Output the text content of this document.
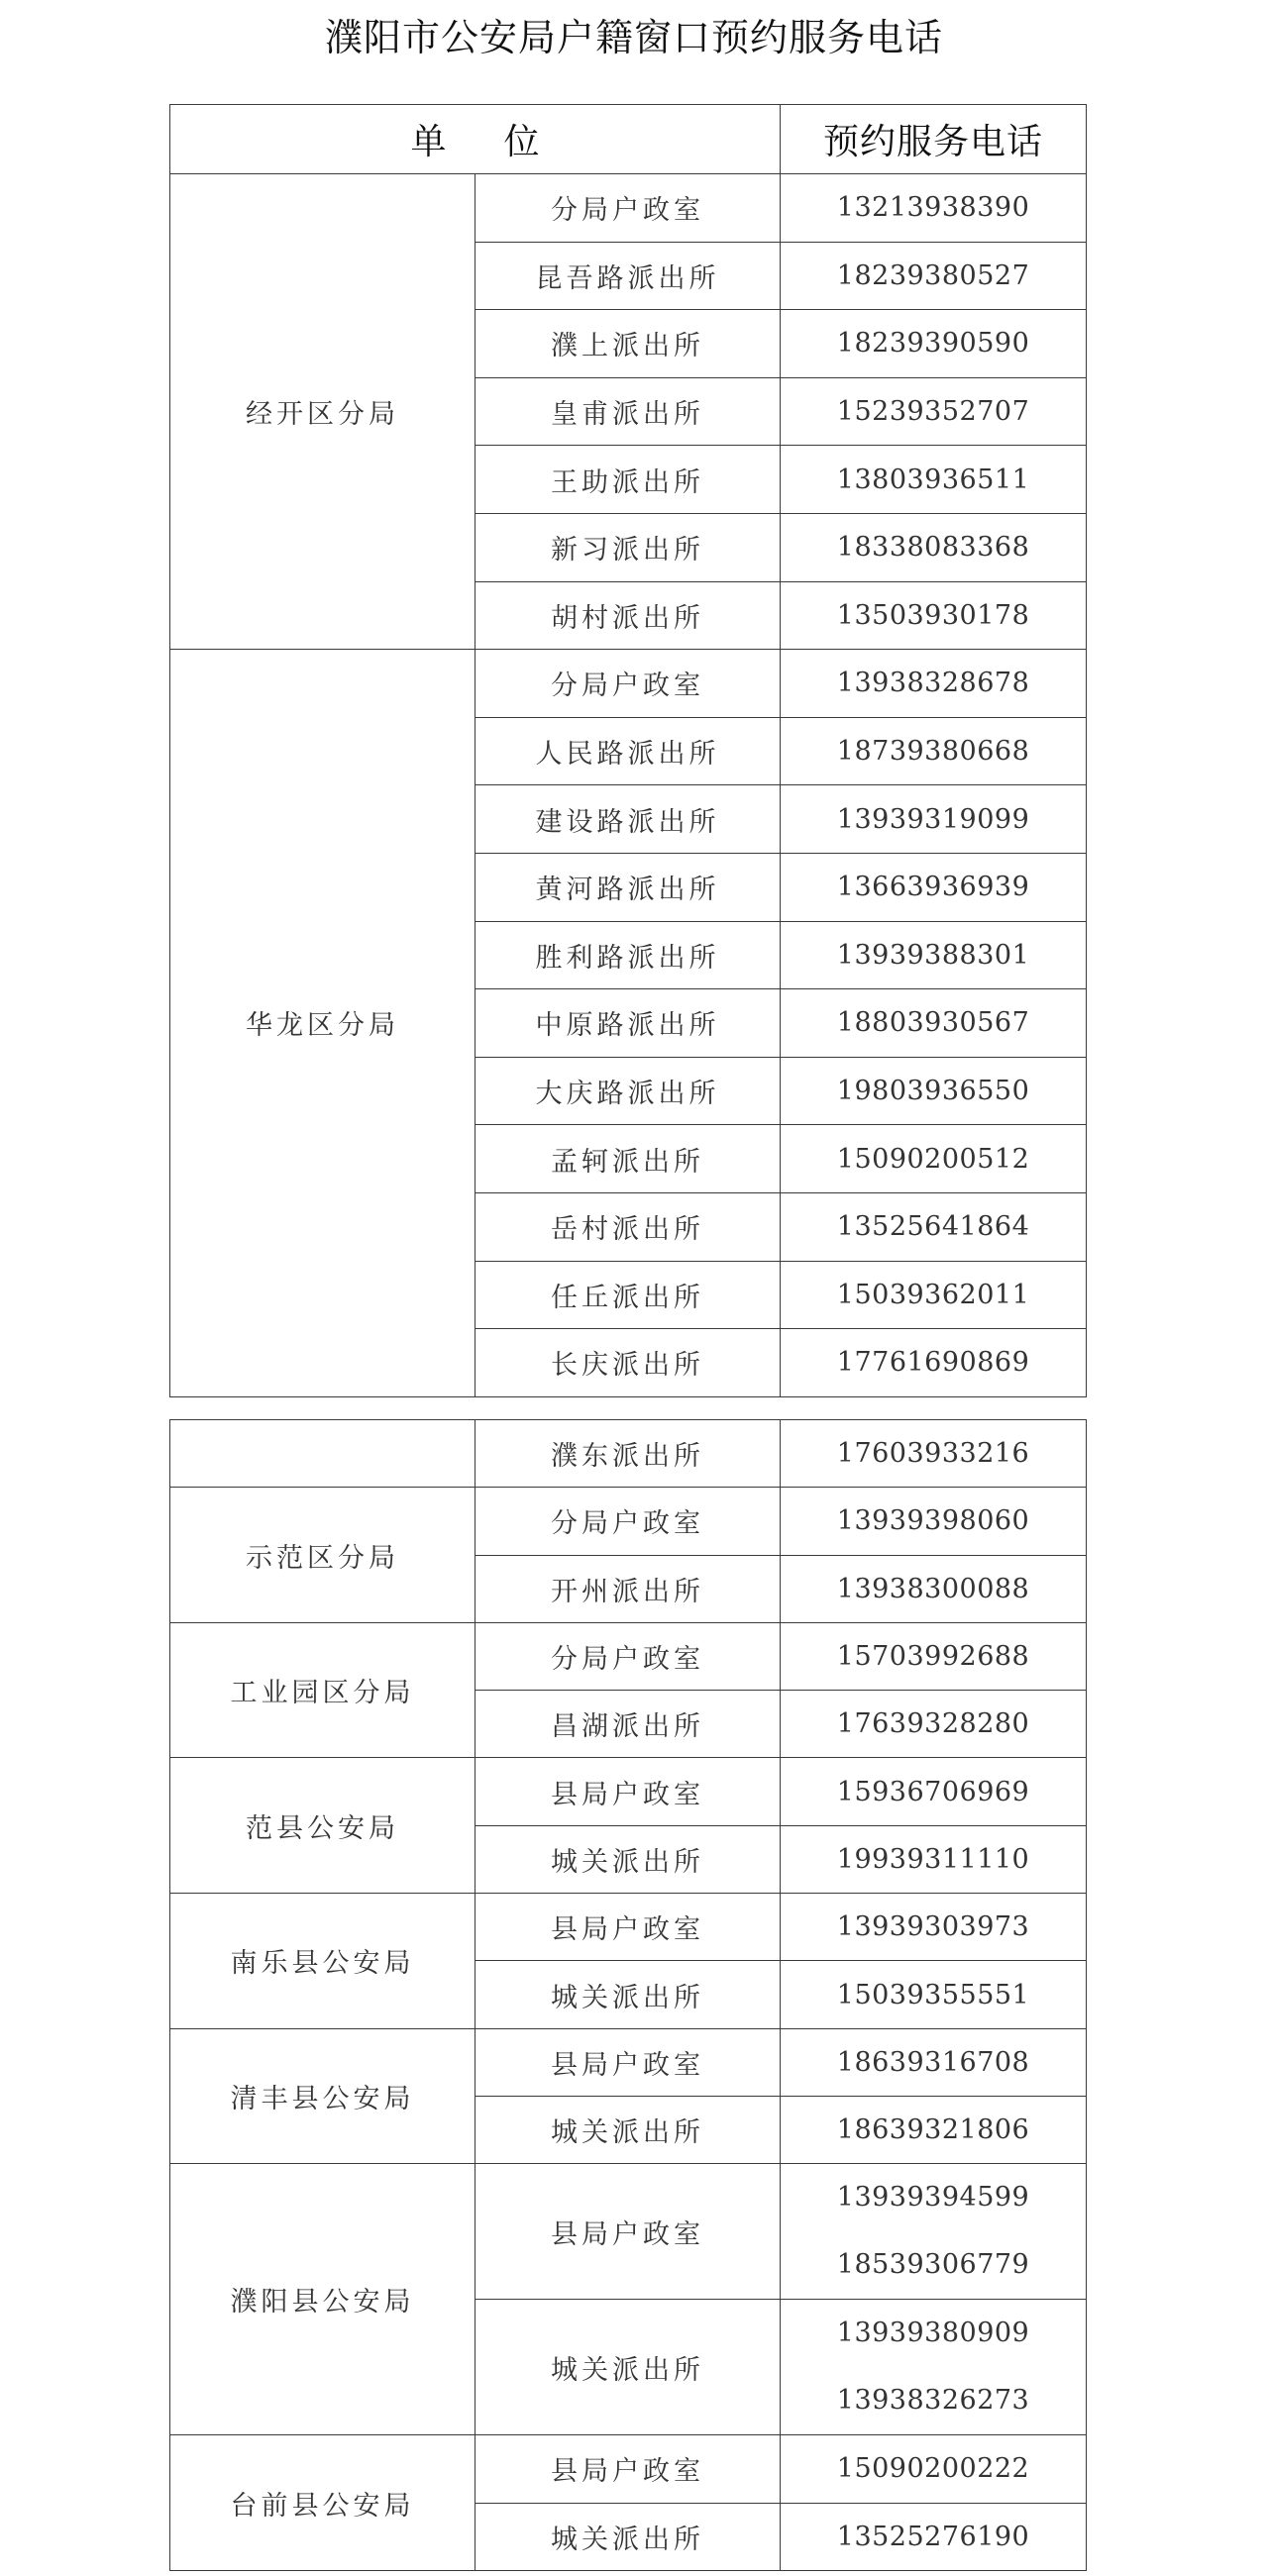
濮阳市公安局户籍窗口预约服务电话
单位		预约服务电话
经开区分局	分局户政室	13213938390
	昆吾路派出所	18239380527
	濮上派出所	18239390590
	皇甫派出所	15239352707
	王助派出所	13803936511
	新习派出所	18338083368
	胡村派出所	13503930178
华龙区分局	分局户政室	13938328678
	人民路派出所	18739380668
	建设路派出所	13939319099
	黄河路派出所	13663936939
	胜利路派出所	13939388301
	中原路派出所	18803930567
	大庆路派出所	19803936550
	孟轲派出所	15090200512
	岳村派出所	13525641864
	任丘派出所	15039362011
	长庆派出所	17761690869
	濮东派出所	17603933216
示范区分局	分局户政室	13939398060
	开州派出所	13938300088
工业园区分局	分局户政室	15703992688
	昌湖派出所	17639328280
范县公安局	县局户政室	15936706969
	城关派出所	19939311110
南乐县公安局	县局户政室	13939303973
	城关派出所	15039355551
清丰县公安局	县局户政室	18639316708
	城关派出所	18639321806
濮阳县公安局	县局户政室	13939394599
18539306779

	城关派出所	13939380909
13938326273

台前县公安局	县局户政室	15090200222
	城关派出所	13525276190
